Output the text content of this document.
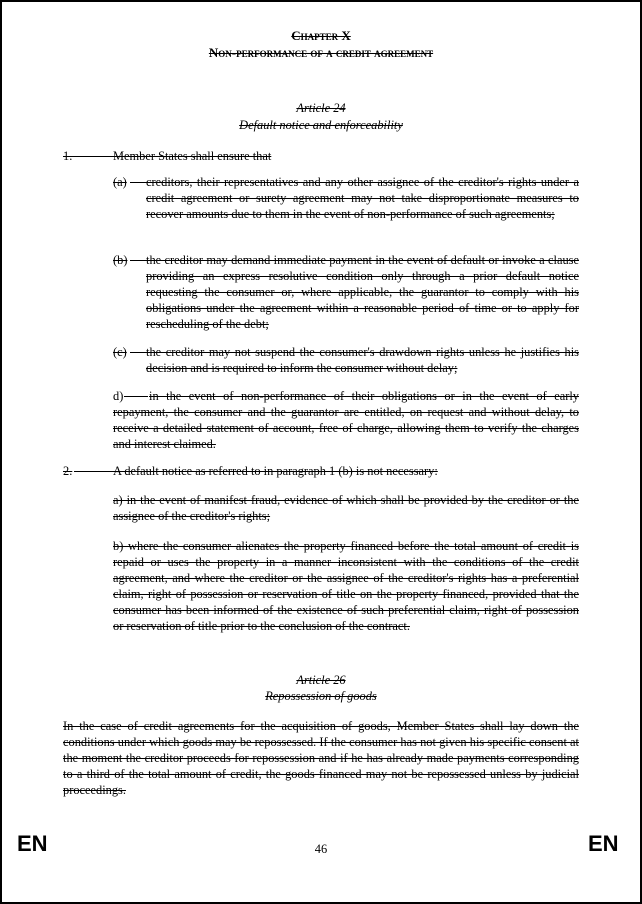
Chapter X
Non-performance of a credit agreement
Article 24
Default notice and enforceability
1.	Member States shall ensure that
(a) creditors, their representatives and any other assignee of the creditor's rights under a credit agreement or surety agreement may not take disproportionate measures to recover amounts due to them in the event of non-performance of such agreements;
(b) the creditor may demand immediate payment in the event of default or invoke a clause providing an express resolutive condition only through a prior default notice requesting the consumer or, where applicable, the guarantor to comply with his obligations under the agreement within a reasonable period of time or to apply for rescheduling of the debt;
(c) the creditor may not suspend the consumer's drawdown rights unless he justifies his decision and is required to inform the consumer without delay;
d) in the event of non-performance of their obligations or in the event of early repayment, the consumer and the guarantor are entitled, on request and without delay, to receive a detailed statement of account, free of charge, allowing them to verify the charges and interest claimed.
2.	A default notice as referred to in paragraph 1 (b) is not necessary:
a) in the event of manifest fraud, evidence of which shall be provided by the creditor or the assignee of the creditor's rights;
b) where the consumer alienates the property financed before the total amount of credit is repaid or uses the property in a manner inconsistent with the conditions of the credit agreement, and where the creditor or the assignee of the creditor's rights has a preferential claim, right of possession or reservation of title on the property financed, provided that the consumer has been informed of the existence of such preferential claim, right of possession or reservation of title prior to the conclusion of the contract.
Article 26
Repossession of goods
In the case of credit agreements for the acquisition of goods, Member States shall lay down the conditions under which goods may be repossessed. If the consumer has not given his specific consent at the moment the creditor proceeds for repossession and if he has already made payments corresponding to a third of the total amount of credit, the goods financed may not be repossessed unless by judicial proceedings.
EN	46	EN
